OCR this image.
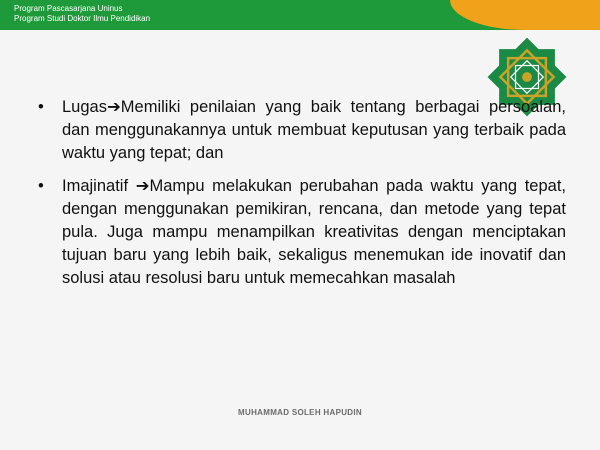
Program Pascasarjana Uninus
Program Studi Doktor Ilmu Pendidikan
• Lugas➔Memiliki penilaian yang baik tentang berbagai persoalan, dan menggunakannya untuk membuat keputusan yang terbaik pada waktu yang tepat; dan
• Imajinatif ➔Mampu melakukan perubahan pada waktu yang tepat, dengan menggunakan pemikiran, rencana, dan metode yang tepat pula. Juga mampu menampilkan kreativitas dengan menciptakan tujuan baru yang lebih baik, sekaligus menemukan ide inovatif dan solusi atau resolusi baru untuk memecahkan masalah
MUHAMMAD SOLEH HAPUDIN
